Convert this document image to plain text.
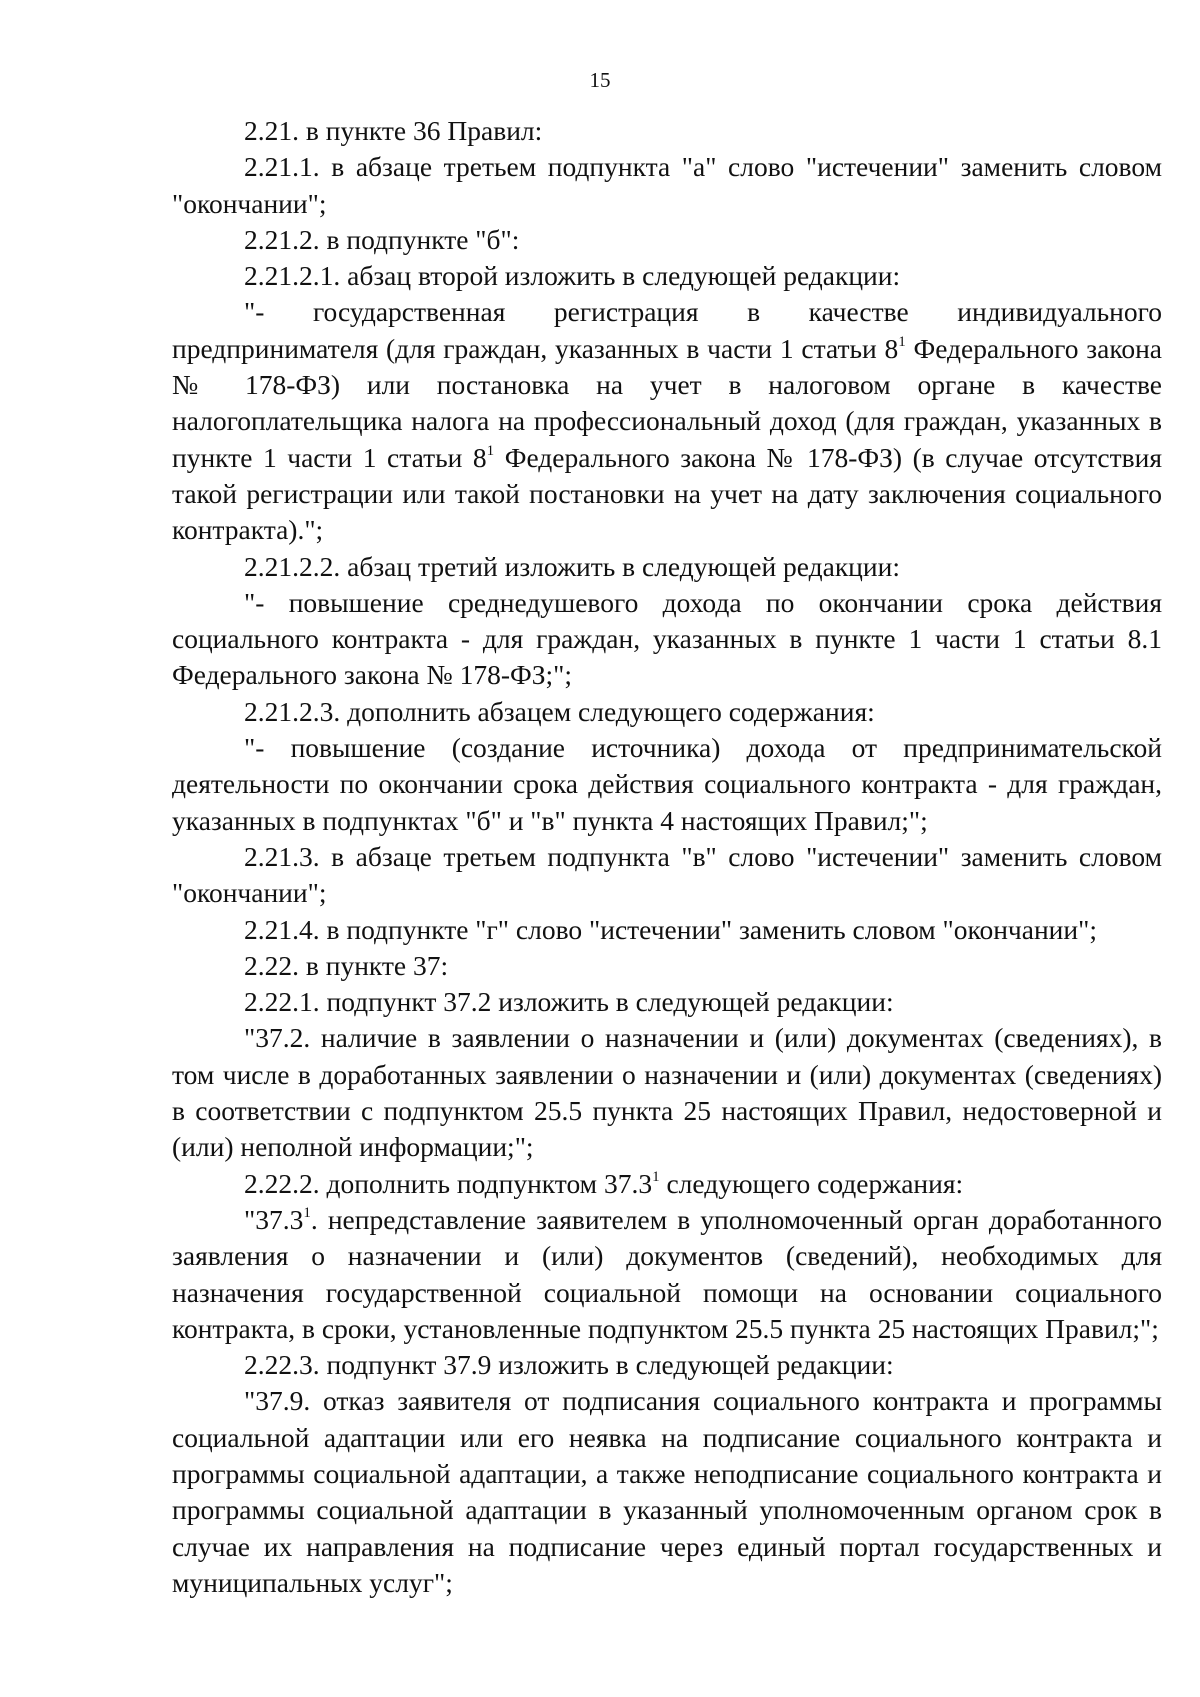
15

2.21. в пункте 36 Правил:

2.21.1. в абзаце третьем подпункта "а" слово "истечении" заменить словом "окончании";

2.21.2. в подпункте "б":

2.21.2.1. абзац второй изложить в следующей редакции:

"- государственная регистрация в качестве индивидуального предпринимателя (для граждан, указанных в части 1 статьи $8^1$ Федерального закона № 178-ФЗ) или постановка на учет в налоговом органе в качестве налогоплательщика налога на профессиональный доход (для граждан, указанных в пункте 1 части 1 статьи $8^1$ Федерального закона № 178-ФЗ) (в случае отсутствия такой регистрации или такой постановки на учет на дату заключения социального контракта).";

2.21.2.2. абзац третий изложить в следующей редакции:

"- повышение среднедушевого дохода по окончании срока действия социального контракта - для граждан, указанных в пункте 1 части 1 статьи 8.1 Федерального закона № 178-ФЗ;";

2.21.2.3. дополнить абзацем следующего содержания:

"- повышение (создание источника) дохода от предпринимательской деятельности по окончании срока действия социального контракта - для граждан, указанных в подпунктах "б" и "в" пункта 4 настоящих Правил;";

2.21.3. в абзаце третьем подпункта "в" слово "истечении" заменить словом "окончании";

2.21.4. в подпункте "г" слово "истечении" заменить словом "окончании";

2.22. в пункте 37:

2.22.1. подпункт 37.2 изложить в следующей редакции:

"37.2. наличие в заявлении о назначении и (или) документах (сведениях), в том числе в доработанных заявлении о назначении и (или) документах (сведениях) в соответствии с подпунктом 25.5 пункта 25 настоящих Правил, недостоверной и (или) неполной информации;";

2.22.2. дополнить подпунктом 37.3$^1$ следующего содержания:

"37.3$^1$. непредставление заявителем в уполномоченный орган доработанного заявления о назначении и (или) документов (сведений), необходимых для назначения государственной социальной помощи на основании социального контракта, в сроки, установленные подпунктом 25.5 пункта 25 настоящих Правил;";

2.22.3. подпункт 37.9 изложить в следующей редакции:

"37.9. отказ заявителя от подписания социального контракта и программы социальной адаптации или его неявка на подписание социального контракта и программы социальной адаптации, а также неподписание социального контракта и программы социальной адаптации в указанный уполномоченным органом срок в случае их направления на подписание через единый портал государственных и муниципальных услуг";
